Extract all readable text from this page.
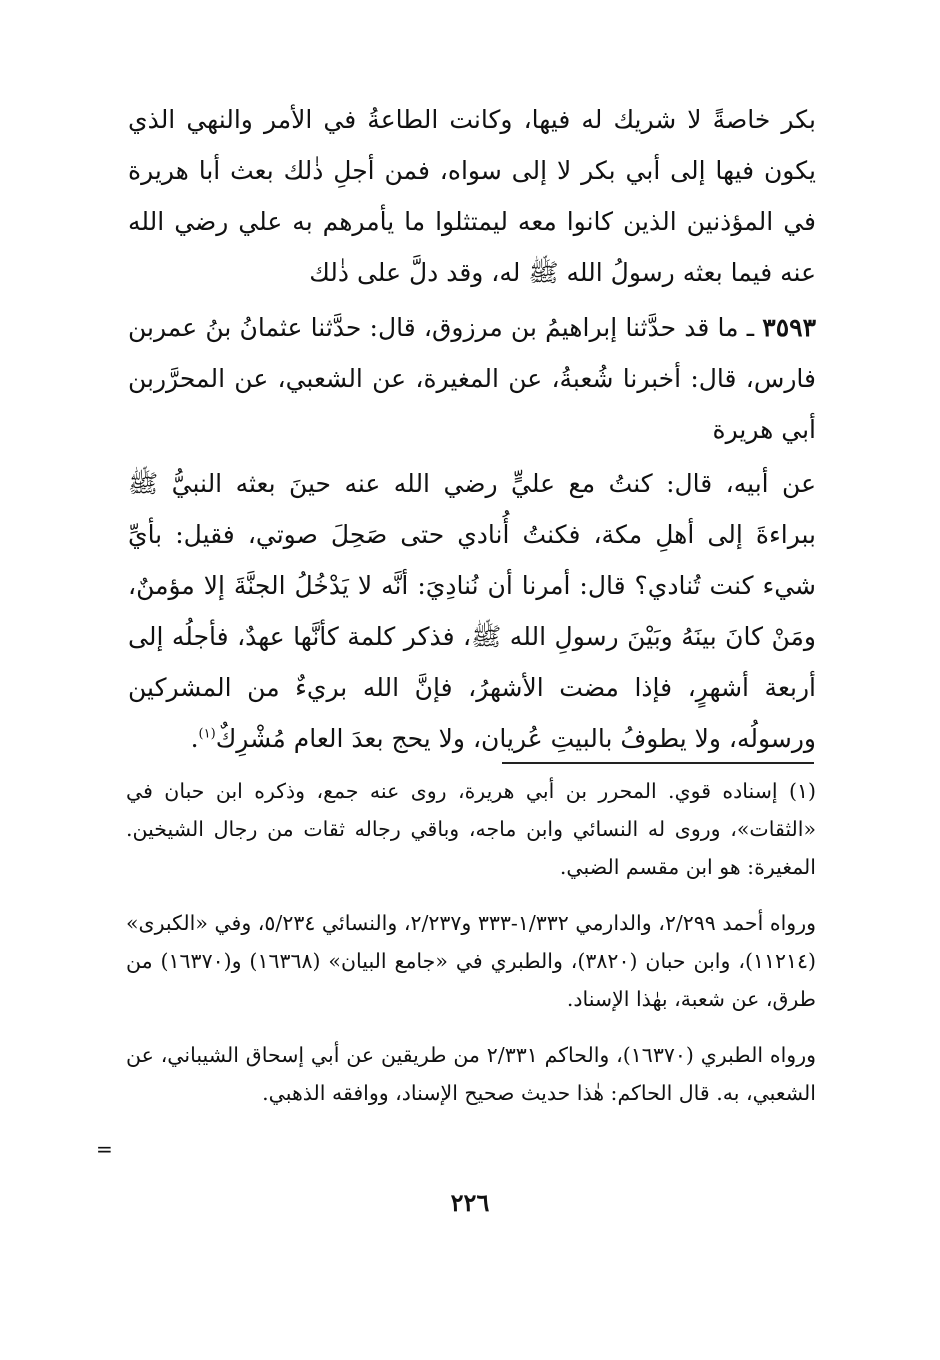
بكر خاصةً لا شريك له فيها، وكانت الطاعةُ في الأمر والنهي الذي يكون فيها إلى أبي بكر لا إلى سواه، فمن أجلِ ذٰلك بعث أبا هريرة في المؤذنين الذين كانوا معه ليمتثلوا ما يأمرهم به علي رضي الله عنه فيما بعثه رسولُ الله ﷺ له، وقد دلَّ على ذٰلك
٣٥٩٣ ـ ما قد حدَّثنا إبراهيمُ بن مرزوق، قال: حدَّثنا عثمانُ بنُ عمربن فارس، قال: أخبرنا شُعبةُ، عن المغيرة، عن الشعبي، عن المحرَّربن أبي هريرة
عن أبيه، قال: كنتُ مع عليٍّ رضي الله عنه حينَ بعثه النبيُّ ﷺ ببراءةَ إلى أهلِ مكة، فكنتُ أُنادي حتى صَحِلَ صوتي، فقيل: بأيِّ شيء كنت تُنادي؟ قال: أمرنا أن نُنادِيَ: أنَّه لا يَدْخُلُ الجنَّةَ إلا مؤمنٌ، ومَنْ كانَ بينَهُ وبَيْنَ رسولِ الله ﷺ، فذكر كلمة كأنَّها عهدٌ، فأجلُه إلى أربعة أشهرٍ، فإذا مضت الأشهرُ، فإنَّ الله بريءٌ من المشركين ورسولُه، ولا يطوفُ بالبيتِ عُريان، ولا يحج بعدَ العام مُشْرِكٌ$^{(١)}$.
(١) إسناده قوي. المحرر بن أبي هريرة، روى عنه جمع، وذكره ابن حبان في «الثقات»، وروى له النسائي وابن ماجه، وباقي رجاله ثقات من رجال الشيخين. المغيرة: هو ابن مقسم الضبي.
ورواه أحمد ٢/٢٩٩، والدارمي ١/٣٣٢-٣٣٣ و٢/٢٣٧، والنسائي ٥/٢٣٤، وفي «الكبرى» (١١٢١٤)، وابن حبان (٣٨٢٠)، والطبري في «جامع البيان» (١٦٣٦٨) و(١٦٣٧٠) من طرق، عن شعبة، بهٰذا الإسناد.
ورواه الطبري (١٦٣٧٠)، والحاكم ٢/٣٣١ من طريقين عن أبي إسحاق الشيباني، عن الشعبي، به. قال الحاكم: هٰذا حديث صحيح الإسناد، ووافقه الذهبي.
=
٢٢٦
